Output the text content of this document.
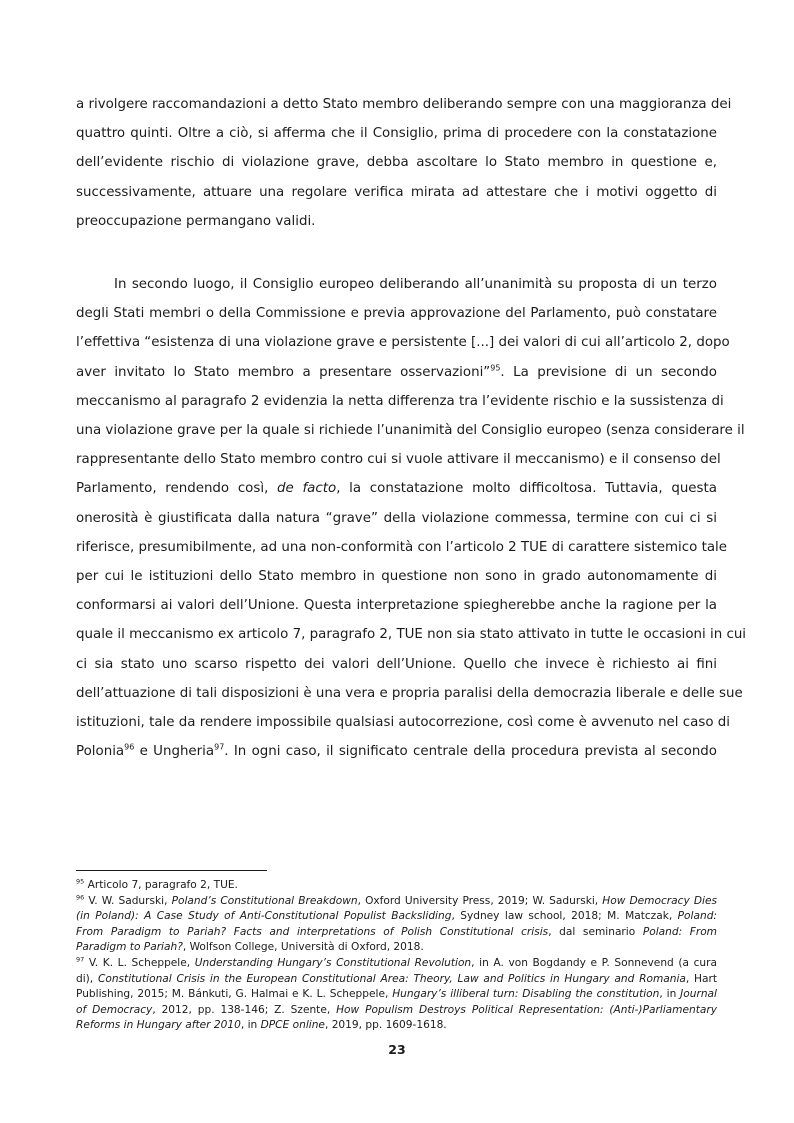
a rivolgere raccomandazioni a detto Stato membro deliberando sempre con una maggioranza dei
quattro quinti. Oltre a ciò, si afferma che il Consiglio, prima di procedere con la constatazione
dell’evidente rischio di violazione grave, debba ascoltare lo Stato membro in questione e,
successivamente, attuare una regolare verifica mirata ad attestare che i motivi oggetto di
preoccupazione permangano validi.
In secondo luogo, il Consiglio europeo deliberando all’unanimità su proposta di un terzo
degli Stati membri o della Commissione e previa approvazione del Parlamento, può constatare
l’effettiva “esistenza di una violazione grave e persistente [...] dei valori di cui all’articolo 2, dopo
aver invitato lo Stato membro a presentare osservazioni”$^{95}$. La previsione di un secondo
meccanismo al paragrafo 2 evidenzia la netta differenza tra l’evidente rischio e la sussistenza di
una violazione grave per la quale si richiede l’unanimità del Consiglio europeo (senza considerare il
rappresentante dello Stato membro contro cui si vuole attivare il meccanismo) e il consenso del
Parlamento, rendendo così, de facto, la constatazione molto difficoltosa. Tuttavia, questa
onerosità è giustificata dalla natura “grave” della violazione commessa, termine con cui ci si
riferisce, presumibilmente, ad una non-conformità con l’articolo 2 TUE di carattere sistemico tale
per cui le istituzioni dello Stato membro in questione non sono in grado autonomamente di
conformarsi ai valori dell’Unione. Questa interpretazione spiegherebbe anche la ragione per la
quale il meccanismo ex articolo 7, paragrafo 2, TUE non sia stato attivato in tutte le occasioni in cui
ci sia stato uno scarso rispetto dei valori dell’Unione. Quello che invece è richiesto ai fini
dell’attuazione di tali disposizioni è una vera e propria paralisi della democrazia liberale e delle sue
istituzioni, tale da rendere impossibile qualsiasi autocorrezione, così come è avvenuto nel caso di
Polonia$^{96}$ e Ungheria$^{97}$. In ogni caso, il significato centrale della procedura prevista al secondo
$^{95}$ Articolo 7, paragrafo 2, TUE.
$^{96}$ V. W. Sadurski, Poland’s Constitutional Breakdown, Oxford University Press, 2019; W. Sadurski, How Democracy Dies
(in Poland): A Case Study of Anti-Constitutional Populist Backsliding, Sydney law school, 2018; M. Matczak, Poland:
From Paradigm to Pariah? Facts and interpretations of Polish Constitutional crisis, dal seminario Poland: From
Paradigm to Pariah?, Wolfson College, Università di Oxford, 2018.
$^{97}$ V. K. L. Scheppele, Understanding Hungary’s Constitutional Revolution, in A. von Bogdandy e P. Sonnevend (a cura
di), Constitutional Crisis in the European Constitutional Area: Theory, Law and Politics in Hungary and Romania, Hart
Publishing, 2015; M. Bánkuti, G. Halmai e K. L. Scheppele, Hungary’s illiberal turn: Disabling the constitution, in Journal
of Democracy, 2012, pp. 138-146; Z. Szente, How Populism Destroys Political Representation: (Anti-)Parliamentary
Reforms in Hungary after 2010, in DPCE online, 2019, pp. 1609-1618.
23
